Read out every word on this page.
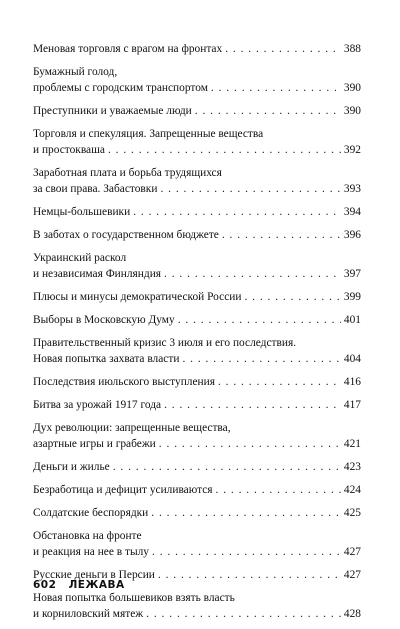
Меновая торговля с врагом на фронтах . . .	388
Бумажный голод,
проблемы с городским транспортом . . .	390
Преступники и уважаемые люди . . .	390
Торговля и спекуляция. Запрещенные вещества
и простокваша . . .	392
Заработная плата и борьба трудящихся
за свои права. Забастовки . . .	393
Немцы-большевики . . .	394
В заботах о государственном бюджете . . .	396
Украинский раскол
и независимая Финляндия . . .	397
Плюсы и минусы демократической России . . .	399
Выборы в Московскую Думу . . .	401
Правительственный кризис 3 июля и его последствия.
Новая попытка захвата власти . . .	404
Последствия июльского выступления . . .	416
Битва за урожай 1917 года . . .	417
Дух революции: запрещенные вещества,
азартные игры и грабежи . . .	421
Деньги и жилье . . .	423
Безработица и дефицит усиливаются . . .	424
Солдатские беспорядки . . .	425
Обстановка на фронте
и реакция на нее в тылу . . .	427
Русские деньги в Персии . . .	427
Новая попытка большевиков взять власть
и корниловский мятеж . . .	428
602 ЛЕЖАВА
